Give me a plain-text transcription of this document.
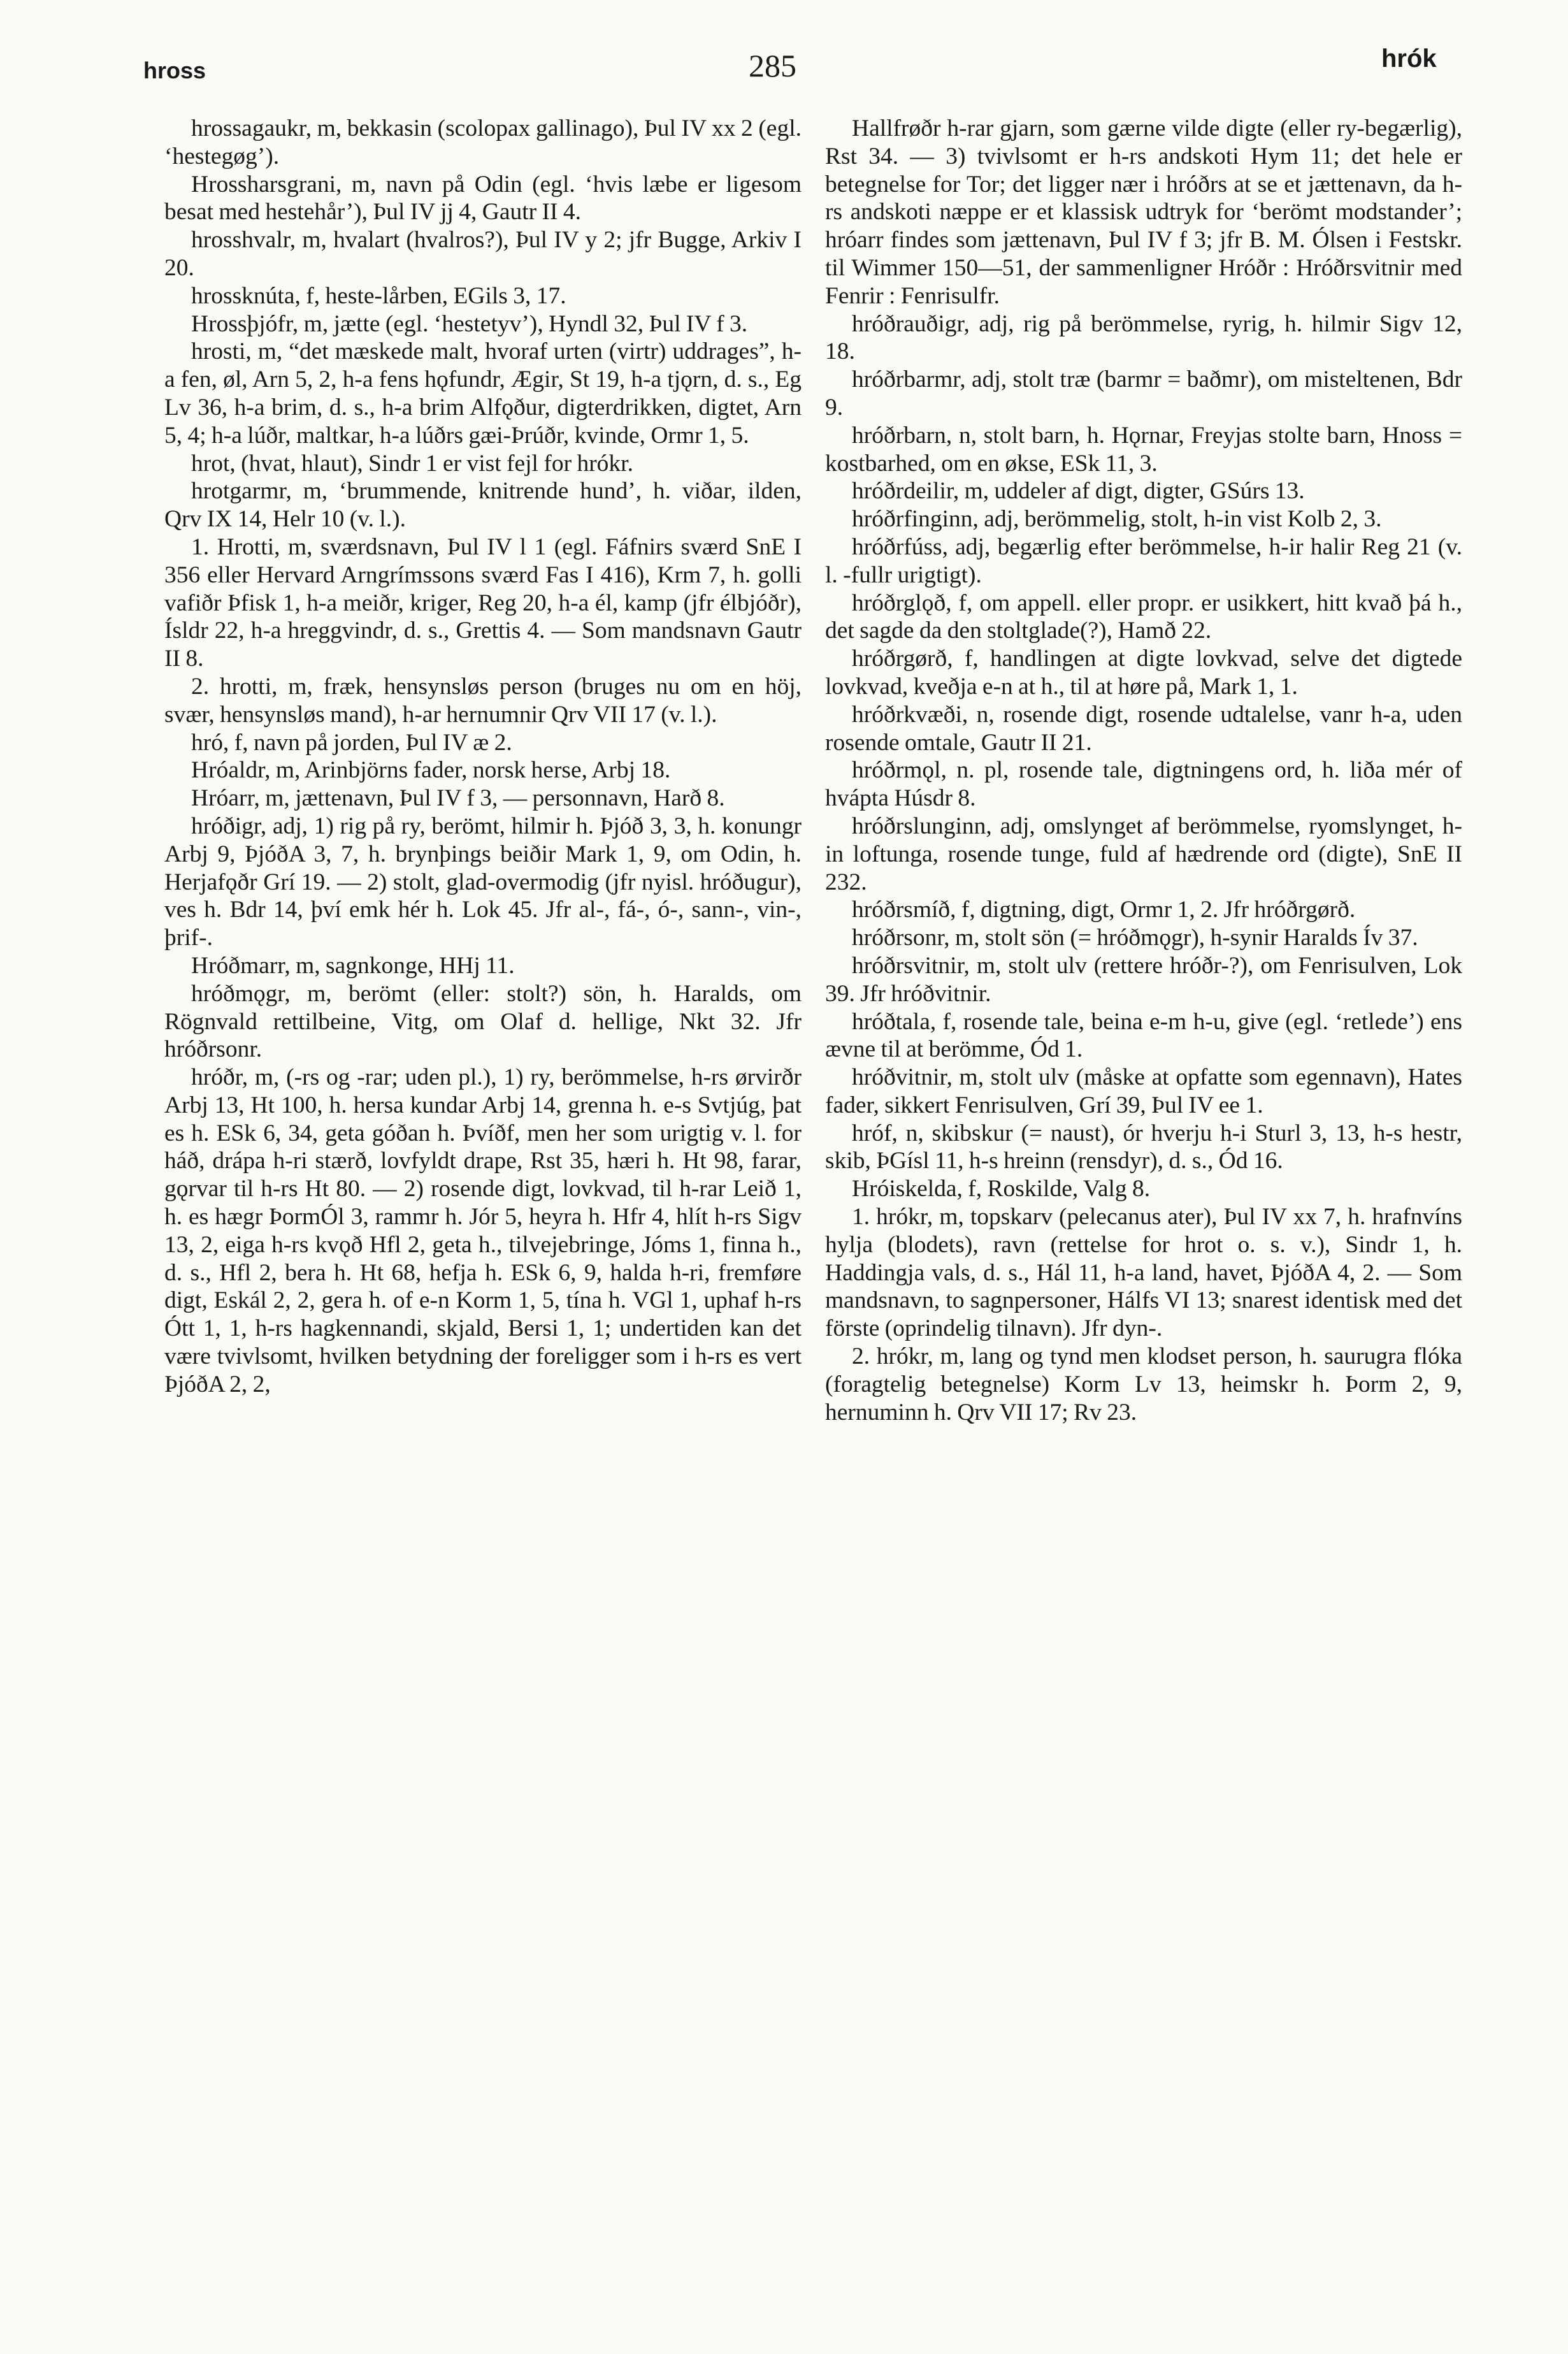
hross	285	hrók

hrossagaukr, m, bekkasin (scolopax gallinago), Þul IV xx 2 (egl. ‘hestegøg’).

Hrossharsgrani, m, navn på Odin (egl. ‘hvis læbe er ligesom besat med hestehår’), Þul IV jj 4, Gautr II 4.

hrosshvalr, m, hvalart (hvalros?), Þul IV y 2; jfr Bugge, Arkiv I 20.

hrossknúta, f, heste-lårben, EGils 3, 17.

Hrossþjófr, m, jætte (egl. ‘hestetyv’), Hyndl 32, Þul IV f 3.

hrosti, m, “det mæskede malt, hvoraf urten (virtr) uddrages”, h-a fen, øl, Arn 5, 2, h-a fens hǫfundr, Ægir, St 19, h-a tjǫrn, d. s., Eg Lv 36, h-a brim, d. s., h-a brim Alfǫður, digterdrikken, digtet, Arn 5, 4; h-a lúðr, maltkar, h-a lúðrs gæi-Þrúðr, kvinde, Ormr 1, 5.

hrot, (hvat, hlaut), Sindr 1 er vist fejl for hrókr.

hrotgarmr, m, ‘brummende, knitrende hund’, h. viðar, ilden, Qrv IX 14, Helr 10 (v. l.).

1. Hrotti, m, sværdsnavn, Þul IV l 1 (egl. Fáfnirs sværd SnE I 356 eller Hervard Arngrímssons sværd Fas I 416), Krm 7, h. golli vafiðr Þfisk 1, h-a meiðr, kriger, Reg 20, h-a él, kamp (jfr élbjóðr), Ísldr 22, h-a hreggvindr, d. s., Grettis 4. — Som mandsnavn Gautr II 8.

2. hrotti, m, fræk, hensynsløs person (bruges nu om en höj, svær, hensynsløs mand), h-ar hernumnir Qrv VII 17 (v. l.).

hró, f, navn på jorden, Þul IV æ 2.

Hróaldr, m, Arinbjörns fader, norsk herse, Arbj 18.

Hróarr, m, jættenavn, Þul IV f 3, — personnavn, Harð 8.

hróðigr, adj, 1) rig på ry, berömt, hilmir h. Þjóð 3, 3, h. konungr Arbj 9, ÞjóðA 3, 7, h. brynþings beiðir Mark 1, 9, om Odin, h. Herjafǫðr Grí 19. — 2) stolt, glad-overmodig (jfr nyisl. hróðugur), ves h. Bdr 14, því emk hér h. Lok 45. Jfr al-, fá-, ó-, sann-, vin-, þrif-.

Hróðmarr, m, sagnkonge, HHj 11.

hróðmǫgr, m, berömt (eller: stolt?) sön, h. Haralds, om Rögnvald rettilbeine, Vitg, om Olaf d. hellige, Nkt 32. Jfr hróðrsonr.

hróðr, m, (-rs og -rar; uden pl.), 1) ry, berömmelse, h-rs ørvirðr Arbj 13, Ht 100, h. hersa kundar Arbj 14, grenna h. e-s Svtjúg, þat es h. ESk 6, 34, geta góðan h. Þvíðf, men her som urigtig v. l. for háð, drápa h-ri stærð, lovfyldt drape, Rst 35, hæri h. Ht 98, farar, gǫrvar til h-rs Ht 80. — 2) rosende digt, lovkvad, til h-rar Leið 1, h. es hægr ÞormÓl 3, rammr h. Jór 5, heyra h. Hfr 4, hlít h-rs Sigv 13, 2, eiga h-rs kvǫð Hfl 2, geta h., tilvejebringe, Jóms 1, finna h., d. s., Hfl 2, bera h. Ht 68, hefja h. ESk 6, 9, halda h-ri, fremføre digt, Eskál 2, 2, gera h. of e-n Korm 1, 5, tína h. VGl 1, uphaf h-rs Ótt 1, 1, h-rs hagkennandi, skjald, Bersi 1, 1; undertiden kan det være tvivlsomt, hvilken betydning der foreligger som i h-rs es vert ÞjóðA 2, 2,

Hallfrøðr h-rar gjarn, som gærne vilde digte (eller ry-begærlig), Rst 34. — 3) tvivlsomt er h-rs andskoti Hym 11; det hele er betegnelse for Tor; det ligger nær i hróðrs at se et jættenavn, da h-rs andskoti næppe er et klassisk udtryk for ‘berömt modstander’; hróarr findes som jættenavn, Þul IV f 3; jfr B. M. Ólsen i Festskr. til Wimmer 150—51, der sammenligner Hróðr : Hróðrsvitnir med Fenrir : Fenrisulfr.

hróðrauðigr, adj, rig på berömmelse, ryrig, h. hilmir Sigv 12, 18.

hróðrbarmr, adj, stolt træ (barmr = baðmr), om misteltenen, Bdr 9.

hróðrbarn, n, stolt barn, h. Hǫrnar, Freyjas stolte barn, Hnoss = kostbarhed, om en økse, ESk 11, 3.

hróðrdeilir, m, uddeler af digt, digter, GSúrs 13.

hróðrfinginn, adj, berömmelig, stolt, h-in vist Kolb 2, 3.

hróðrfúss, adj, begærlig efter berömmelse, h-ir halir Reg 21 (v. l. -fullr urigtigt).

hróðrglǫð, f, om appell. eller propr. er usikkert, hitt kvað þá h., det sagde da den stoltglade(?), Hamð 22.

hróðrgørð, f, handlingen at digte lovkvad, selve det digtede lovkvad, kveðja e-n at h., til at høre på, Mark 1, 1.

hróðrkvæði, n, rosende digt, rosende udtalelse, vanr h-a, uden rosende omtale, Gautr II 21.

hróðrmǫl, n. pl, rosende tale, digtningens ord, h. liða mér of hvápta Húsdr 8.

hróðrslunginn, adj, omslynget af berömmelse, ryomslynget, h-in loftunga, rosende tunge, fuld af hædrende ord (digte), SnE II 232.

hróðrsmíð, f, digtning, digt, Ormr 1, 2. Jfr hróðrgørð.

hróðrsonr, m, stolt sön (= hróðmǫgr), h-synir Haralds Ív 37.

hróðrsvitnir, m, stolt ulv (rettere hróðr-?), om Fenrisulven, Lok 39. Jfr hróðvitnir.

hróðtala, f, rosende tale, beina e-m h-u, give (egl. ‘retlede’) ens ævne til at berömme, Ód 1.

hróðvitnir, m, stolt ulv (måske at opfatte som egennavn), Hates fader, sikkert Fenrisulven, Grí 39, Þul IV ee 1.

hróf, n, skibskur (= naust), ór hverju h-i Sturl 3, 13, h-s hestr, skib, ÞGísl 11, h-s hreinn (rensdyr), d. s., Ód 16.

Hróiskelda, f, Roskilde, Valg 8.

1. hrókr, m, topskarv (pelecanus ater), Þul IV xx 7, h. hrafnvíns hylja (blodets), ravn (rettelse for hrot o. s. v.), Sindr 1, h. Haddingja vals, d. s., Hál 11, h-a land, havet, ÞjóðA 4, 2. — Som mandsnavn, to sagnpersoner, Hálfs VI 13; snarest identisk med det förste (oprindelig tilnavn). Jfr dyn-.

2. hrókr, m, lang og tynd men klodset person, h. saurugra flóka (foragtelig betegnelse) Korm Lv 13, heimskr h. Þorm 2, 9, hernuminn h. Qrv VII 17; Rv 23.
